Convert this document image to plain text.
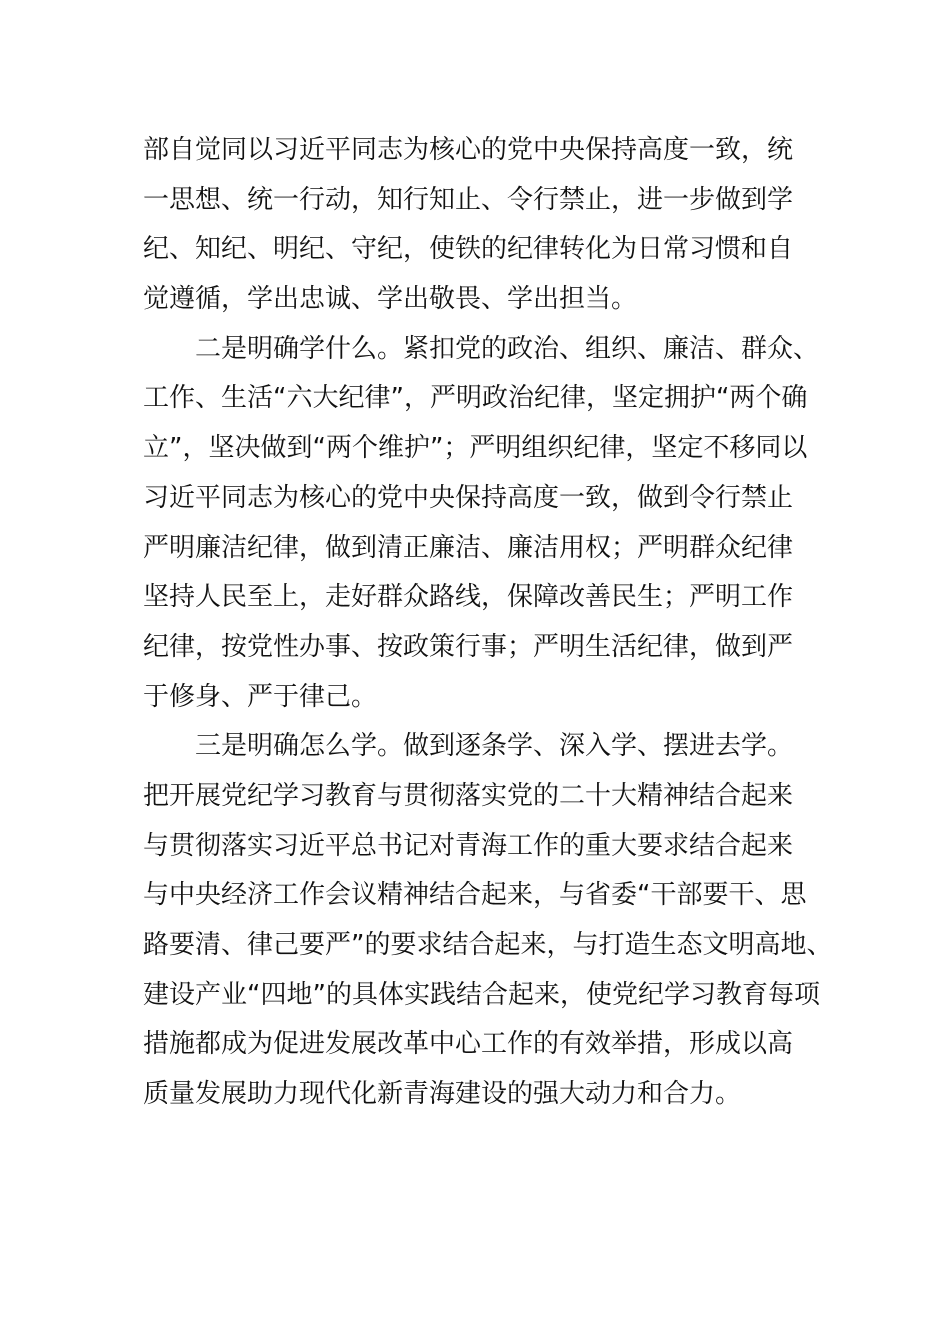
部自觉同以习近平同志为核心的党中央保持高度一致，统
一思想、统一行动，知行知止、令行禁止，进一步做到学
纪、知纪、明纪、守纪，使铁的纪律转化为日常习惯和自
觉遵循，学出忠诚、学出敬畏、学出担当。
二是明确学什么。紧扣党的政治、组织、廉洁、群众、
工作、生活“六大纪律”，严明政治纪律，坚定拥护“两个确
立”，坚决做到“两个维护”；严明组织纪律，坚定不移同以
习近平同志为核心的党中央保持高度一致，做到令行禁止
严明廉洁纪律，做到清正廉洁、廉洁用权；严明群众纪律
坚持人民至上，走好群众路线，保障改善民生；严明工作
纪律，按党性办事、按政策行事；严明生活纪律，做到严
于修身、严于律己。
三是明确怎么学。做到逐条学、深入学、摆进去学。
把开展党纪学习教育与贯彻落实党的二十大精神结合起来
与贯彻落实习近平总书记对青海工作的重大要求结合起来
与中央经济工作会议精神结合起来，与省委“干部要干、思
路要清、律己要严”的要求结合起来，与打造生态文明高地、
建设产业“四地”的具体实践结合起来，使党纪学习教育每项
措施都成为促进发展改革中心工作的有效举措，形成以高
质量发展助力现代化新青海建设的强大动力和合力。
